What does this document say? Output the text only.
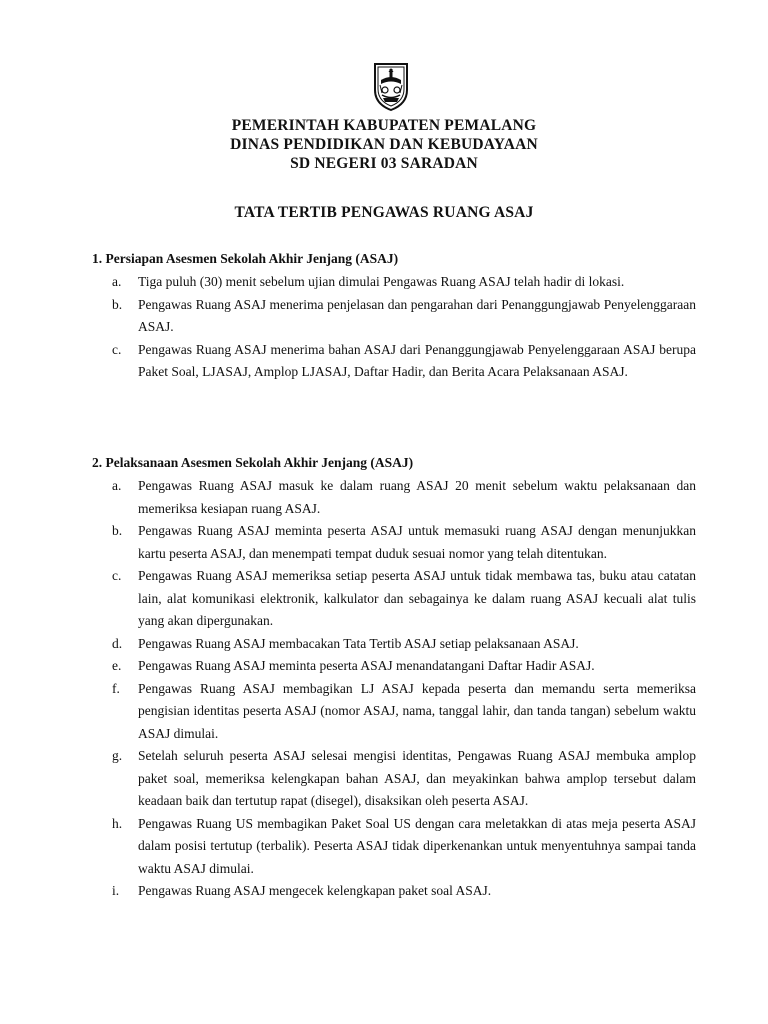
PEMERINTAH KABUPATEN PEMALANG
DINAS PENDIDIKAN DAN KEBUDAYAAN
SD NEGERI 03 SARADAN
TATA TERTIB PENGAWAS RUANG ASAJ
1. Persiapan Asesmen Sekolah Akhir Jenjang (ASAJ)
a. Tiga puluh (30) menit sebelum ujian dimulai Pengawas Ruang ASAJ telah hadir di lokasi.
b. Pengawas Ruang ASAJ menerima penjelasan dan pengarahan dari Penanggungjawab Penyelenggaraan ASAJ.
c. Pengawas Ruang ASAJ menerima bahan ASAJ dari Penanggungjawab Penyelenggaraan ASAJ berupa Paket Soal, LJASAJ, Amplop LJASAJ, Daftar Hadir, dan Berita Acara Pelaksanaan ASAJ.
2. Pelaksanaan Asesmen Sekolah Akhir Jenjang (ASAJ)
a. Pengawas Ruang ASAJ masuk ke dalam ruang ASAJ 20 menit sebelum waktu pelaksanaan dan memeriksa kesiapan ruang ASAJ.
b. Pengawas Ruang ASAJ meminta peserta ASAJ untuk memasuki ruang ASAJ dengan menunjukkan kartu peserta ASAJ, dan menempati tempat duduk sesuai nomor yang telah ditentukan.
c. Pengawas Ruang ASAJ memeriksa setiap peserta ASAJ untuk tidak membawa tas, buku atau catatan lain, alat komunikasi elektronik, kalkulator dan sebagainya ke dalam ruang ASAJ kecuali alat tulis yang akan dipergunakan.
d. Pengawas Ruang ASAJ membacakan Tata Tertib ASAJ setiap pelaksanaan ASAJ.
e. Pengawas Ruang ASAJ meminta peserta ASAJ menandatangani Daftar Hadir ASAJ.
f. Pengawas Ruang ASAJ membagikan LJ ASAJ kepada peserta dan memandu serta memeriksa pengisian identitas peserta ASAJ (nomor ASAJ, nama, tanggal lahir, dan tanda tangan) sebelum waktu ASAJ dimulai.
g. Setelah seluruh peserta ASAJ selesai mengisi identitas, Pengawas Ruang ASAJ membuka amplop paket soal, memeriksa kelengkapan bahan ASAJ, dan meyakinkan bahwa amplop tersebut dalam keadaan baik dan tertutup rapat (disegel), disaksikan oleh peserta ASAJ.
h. Pengawas Ruang US membagikan Paket Soal US dengan cara meletakkan di atas meja peserta ASAJ dalam posisi tertutup (terbalik). Peserta ASAJ tidak diperkenankan untuk menyentuhnya sampai tanda waktu ASAJ dimulai.
i. Pengawas Ruang ASAJ mengecek kelengkapan paket soal ASAJ.
